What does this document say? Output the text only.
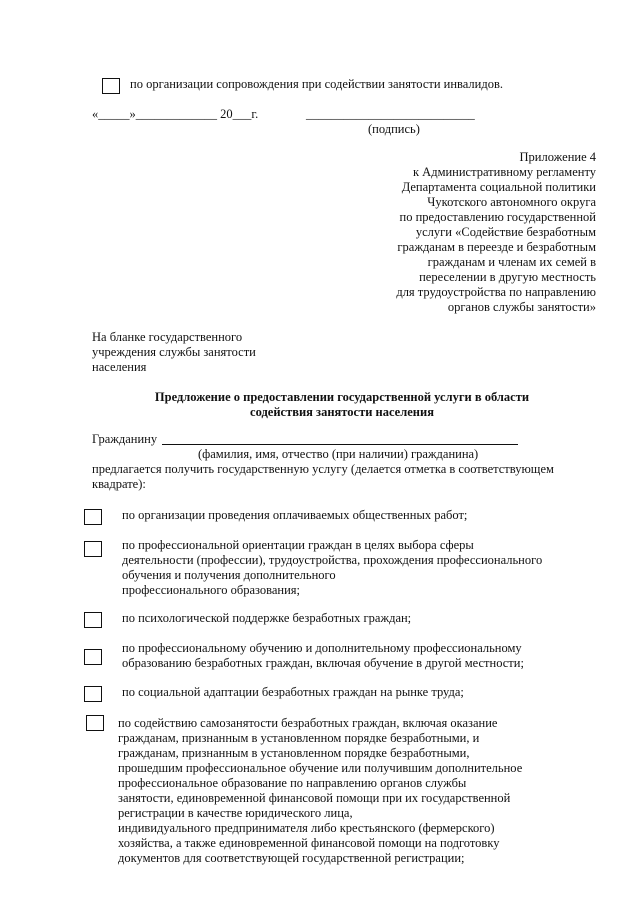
по организации сопровождения при содействии занятости инвалидов.
«_____»_____________ 20___г.	___________________________
(подпись)
Приложение 4
к Административному регламенту
Департамента социальной политики
Чукотского автономного округа
по предоставлению государственной
услуги «Содействие безработным
гражданам в переезде и безработным
гражданам и членам их семей в
переселении в другую местность
для трудоустройства по направлению
органов службы занятости»
На бланке государственного
учреждения службы занятости
населения
Предложение о предоставлении государственной услуги в области
содействия занятости населения
Гражданину
(фамилия, имя, отчество (при наличии) гражданина)
предлагается получить государственную услугу (делается отметка в соответствующем
квадрате):
по организации проведения оплачиваемых общественных работ;
по профессиональной ориентации граждан в целях выбора сферы
деятельности (профессии), трудоустройства, прохождения профессионального
обучения и получения дополнительного
профессионального образования;
по психологической поддержке безработных граждан;
по профессиональному обучению и дополнительному профессиональному
образованию безработных граждан, включая обучение в другой местности;
по социальной адаптации безработных граждан на рынке труда;
по содействию самозанятости безработных граждан, включая оказание
гражданам, признанным в установленном порядке безработными, и
гражданам, признанным в установленном порядке безработными,
прошедшим профессиональное обучение или получившим дополнительное
профессиональное образование по направлению органов службы
занятости, единовременной финансовой помощи при их государственной
регистрации в качестве юридического лица,
индивидуального предпринимателя либо крестьянского (фермерского)
хозяйства, а также единовременной финансовой помощи на подготовку
документов для соответствующей государственной регистрации;
